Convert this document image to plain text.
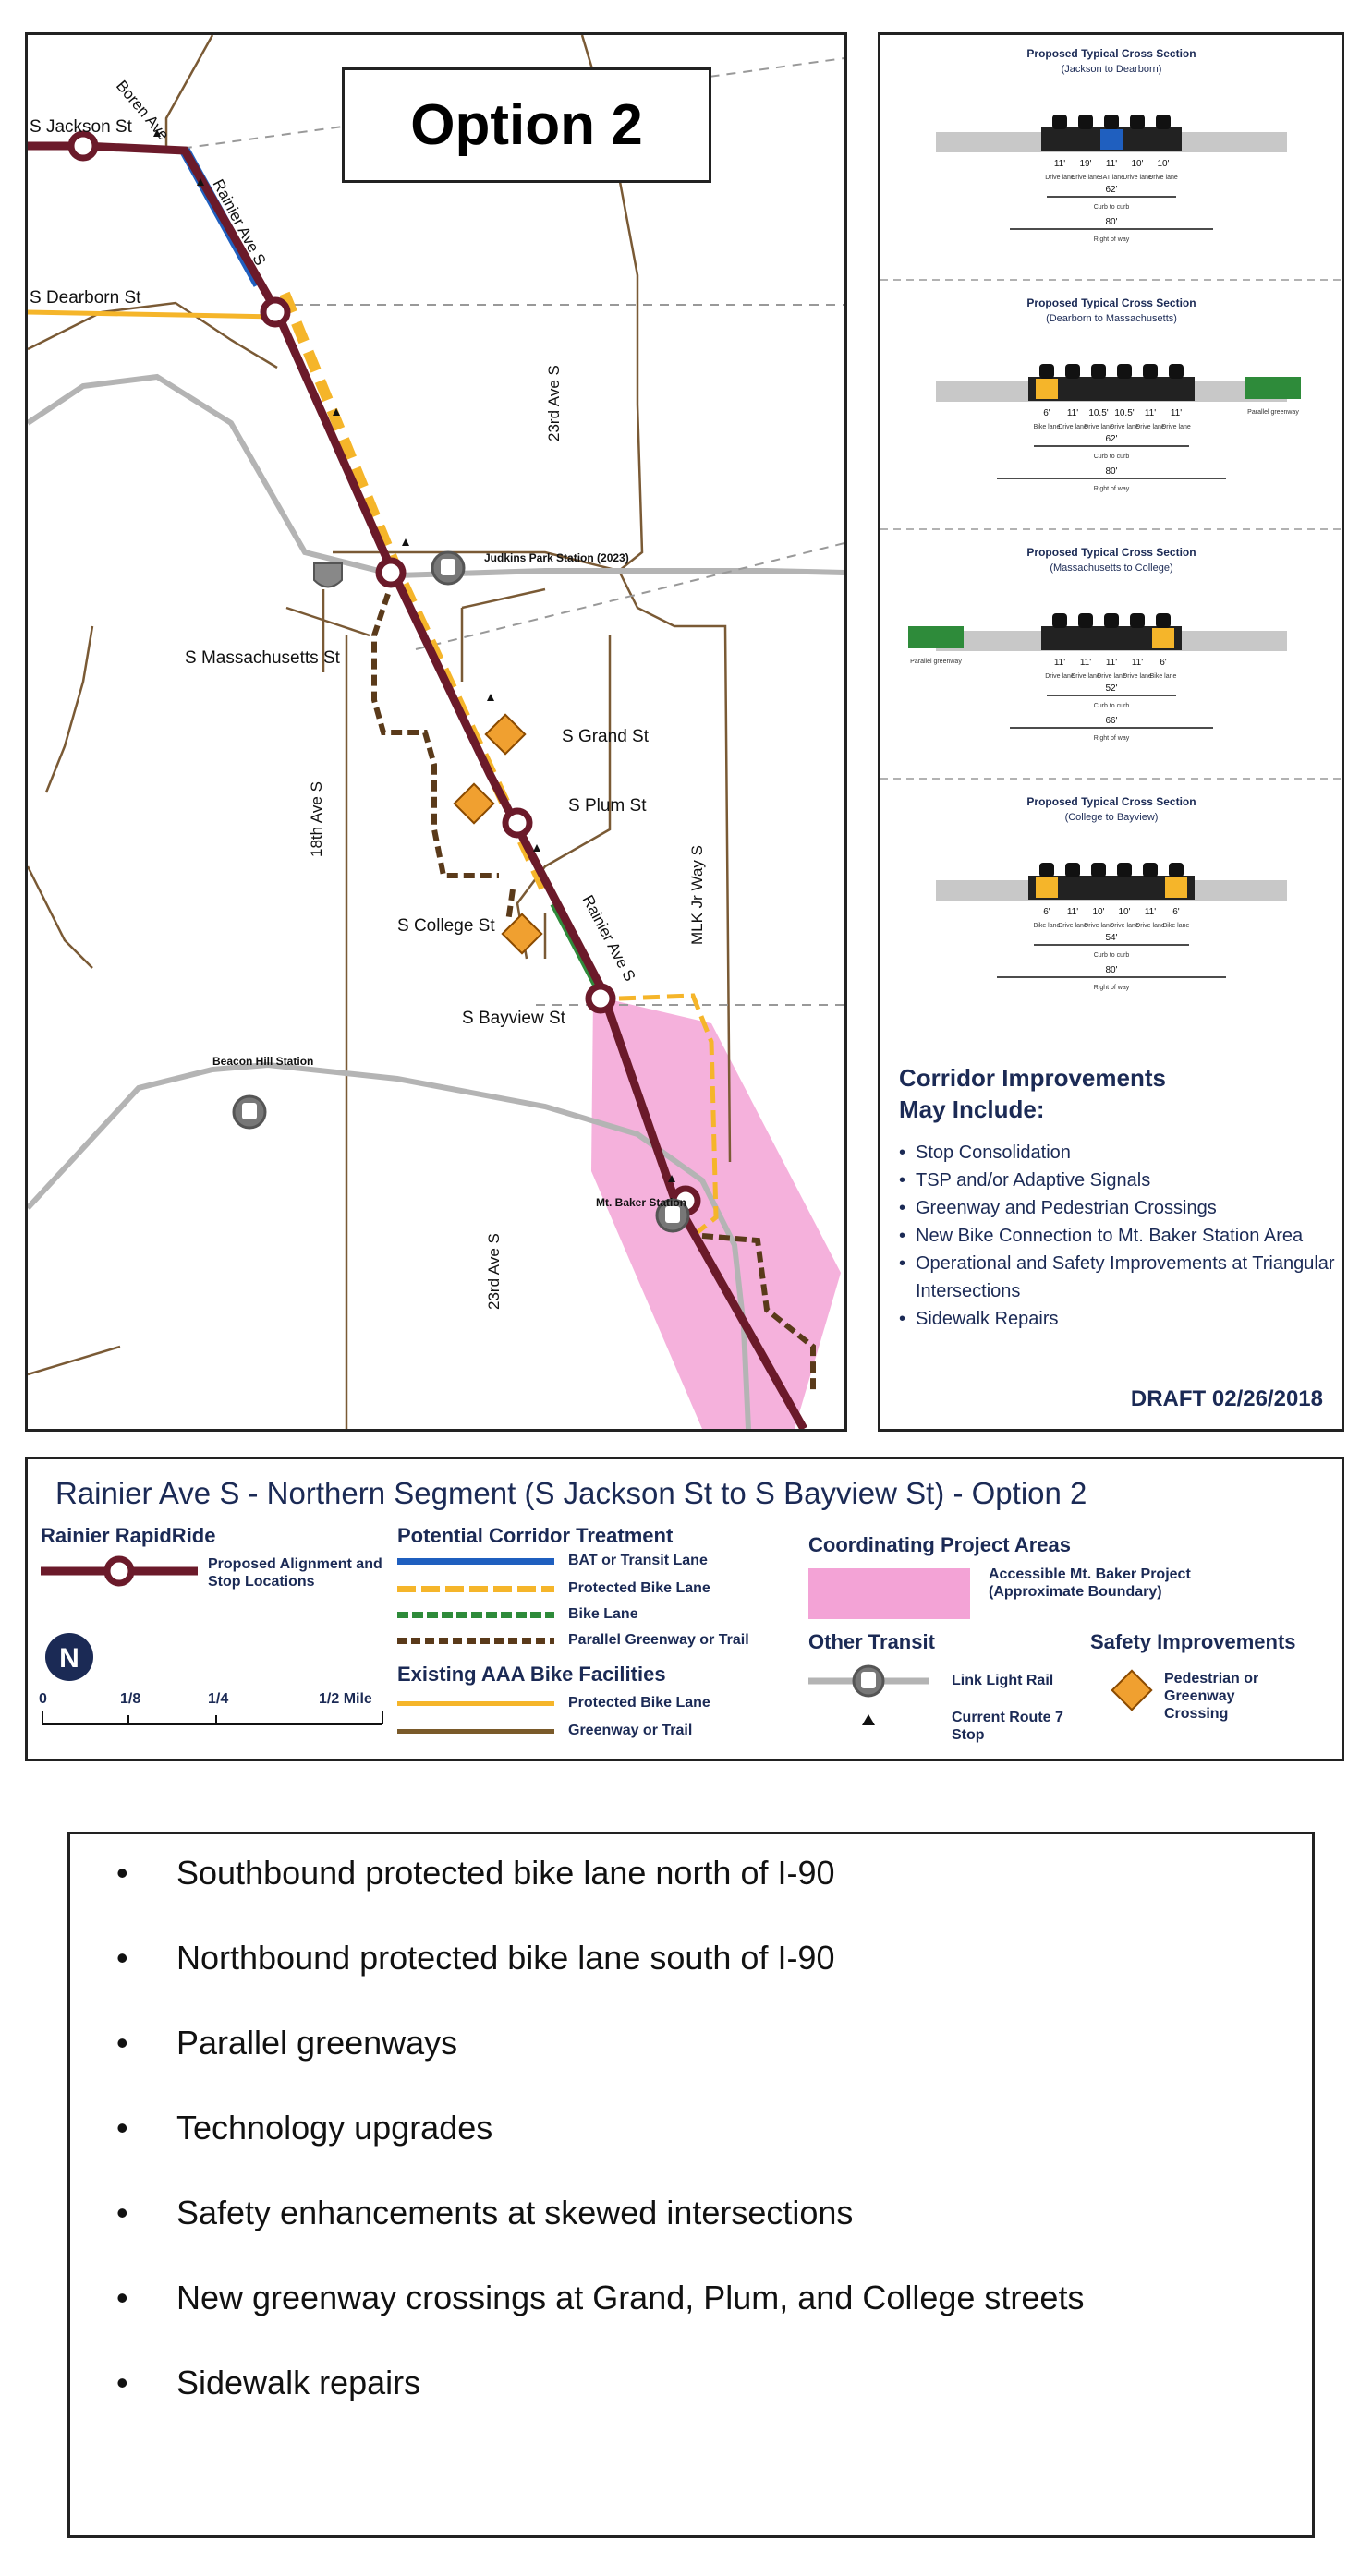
Boren Ave
S Jackson St
Rainier Ave S
S Dearborn St
23rd Ave S
Judkins Park Station (2023)
S Massachusetts St
S Grand St
S Plum St
18th Ave S
MLK Jr Way S
S College St	Rainier Ave S
S Bayview St
Beacon Hill Station
23rd Ave S
Mt. Baker Station
Option 2
Proposed Typical Cross Section
(Jackson to Dearborn)
11'
Drive lane
19'
Drive lane
11'
BAT lane
10'
Drive lane
10'
Drive lane
62'
Curb to curb
80'
Right of way
Proposed Typical Cross Section
(Dearborn to Massachusetts)
6'
Bike lane
11'
Drive lane
10.5'
Drive lane
10.5'
Drive lane
11'
Drive lane
11'
Drive lane
Parallel greenway
62'
Curb to curb
80'
Right of way
Proposed Typical Cross Section
(Massachusetts to College)
11'
Drive lane
11'
Drive lane
11'
Drive lane
11'
Drive lane
6'
Bike lane
Parallel greenway
52'
Curb to curb
66'
Right of way
Proposed Typical Cross Section
(College to Bayview)
6'
Bike lane
11'
Drive lane
10'
Drive lane
10'
Drive lane
11'
Drive lane
6'
Bike lane
54'
Curb to curb
80'
Right of way
Corridor Improvements
May Include:
• Stop Consolidation
• TSP and/or Adaptive Signals
• Greenway and Pedestrian Crossings
• New Bike Connection to Mt. Baker Station Area
• Operational and Safety Improvements at Triangular Intersections
• Sidewalk Repairs
DRAFT 02/26/2018
Rainier Ave S - Northern Segment (S Jackson St to S Bayview St) - Option 2
Rainier RapidRide
Proposed Alignment and Stop Locations
N
0	1/8	1/4	1/2 Mile
Potential Corridor Treatment
BAT or Transit Lane
Protected Bike Lane
Bike Lane
Parallel Greenway or Trail
Existing AAA Bike Facilities
Protected Bike Lane
Greenway or Trail
Coordinating Project Areas
Accessible Mt. Baker Project (Approximate Boundary)
Other Transit
Link Light Rail
Current Route 7 Stop
Safety Improvements
Pedestrian or Greenway Crossing
• Southbound protected bike lane north of I-90
• Northbound protected bike lane south of I-90
• Parallel greenways
• Technology upgrades
• Safety enhancements at skewed intersections
• New greenway crossings at Grand, Plum, and College streets
• Sidewalk repairs
